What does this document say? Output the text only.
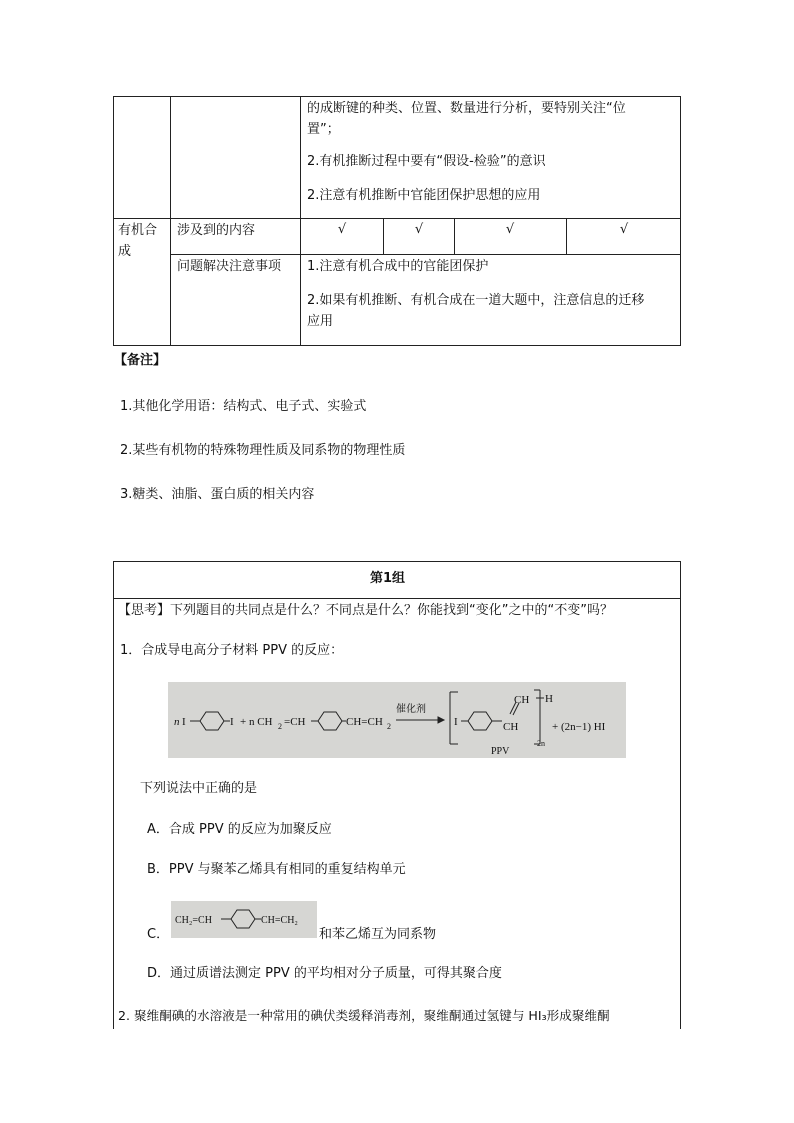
的成断键的种类、位置、数量进行分析，要特别关注“位
置”；
2.有机推断过程中要有“假设-检验”的意识
2.注意有机推断中官能团保护思想的应用
有机合
成
涉及到的内容	√	√	√	√
问题解决注意事项 1.注意有机合成中的官能团保护
2.如果有机推断、有机合成在一道大题中，注意信息的迁移
应用
【备注】
1.其他化学用语：结构式、电子式、实验式
2.某些有机物的特殊物理性质及同系物的物理性质
3.糖类、油脂、蛋白质的相关内容
第1组
【思考】下列题目的共同点是什么？不同点是什么？你能找到“变化”之中的“不变”吗？
1．合成导电高分子材料 PPV 的反应：
n I	I + n CH 2 =CH	CH=CH 2
催化剂
I
CH H
CH
2n
+ (2n−1) HI
PPV
下列说法中正确的是
A．合成 PPV 的反应为加聚反应
B．PPV 与聚苯乙烯具有相同的重复结构单元
C．
CH₂=CH	CH=CH₂
和苯乙烯互为同系物
D．通过质谱法测定 PPV 的平均相对分子质量，可得其聚合度
2. 聚维酮碘的水溶液是一种常用的碘伏类缓释消毒剂，聚维酮通过氢键与 HI₃形成聚维酮
